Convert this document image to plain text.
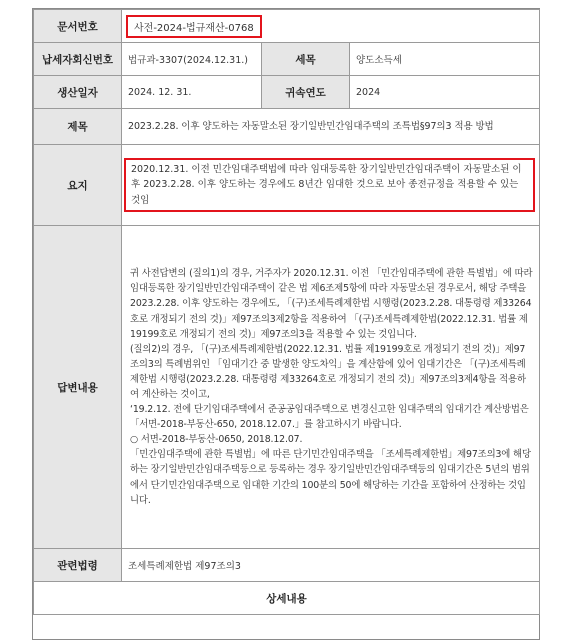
문서번호	사전-2024-법규재산-0768		
납세자회신번호	법규과-3307(2024.12.31.)	세목	양도소득세
생산일자	2024. 12. 31.	귀속연도	2024
제목	2023.2.28. 이후 양도하는 자동말소된 장기일반민간임대주택의 조특법§97의3 적용 방법		
요지	2020.12.31. 이전 민간임대주택법에 따라 임대등록한 장기일반민간임대주택이 자동말소된 이후 2023.2.28. 이후 양도하는 경우에도 8년간 임대한 것으로 보아 종전규정을 적용할 수 있는 것임		

답변내용	귀 사전답변의 (질의1)의 경우, 거주자가 2020.12.31. 이전 「민간임대주택에 관한 특별법」에 따라 임대등록한 장기일반민간임대주택이 같은 법 제6조제5항에 따라 자동말소된 경우로서, 해당 주택을 2023.2.28. 이후 양도하는 경우에도, 「(구)조세특례제한법 시행령(2023.2.28. 대통령령 제33264호로 개정되기 전의 것)」제97조의3제2항을 적용하여 「(구)조세특례제한법(2022.12.31. 법률 제19199호로 개정되기 전의 것)」제97조의3을 적용할 수 있는 것입니다.

(질의2)의 경우, 「(구)조세특례제한법(2022.12.31. 법률 제19199호로 개정되기 전의 것)」제97조의3의 특례범위인 「임대기간 중 발생한 양도차익」을 계산함에 있어 임대기간은 「(구)조세특례제한법 시행령(2023.2.28. 대통령령 제33264호로 개정되기 전의 것)」제97조의3제4항을 적용하여 계산하는 것이고,

‘19.2.12. 전에 단기임대주택에서 준공공임대주택으로 변경신고한 임대주택의 임대기간 계산방법은 「서면-2018-부동산-650, 2018.12.07.」를 참고하시기 바랍니다.

○ 서면-2018-부동산-0650, 2018.12.07.

「민간임대주택에 관한 특별법」에 따른 단기민간임대주택을 「조세특례제한법」제97조의3에 해당하는 장기일반민간임대주택등으로 등록하는 경우 장기일반민간임대주택등의 임대기간은 5년의 범위에서 단기민간임대주택으로 임대한 기간의 100분의 50에 해당하는 기간을 포함하여 산정하는 것입니다.		

관련법령	조세특례제한법 제97조의3		
상세내용			
